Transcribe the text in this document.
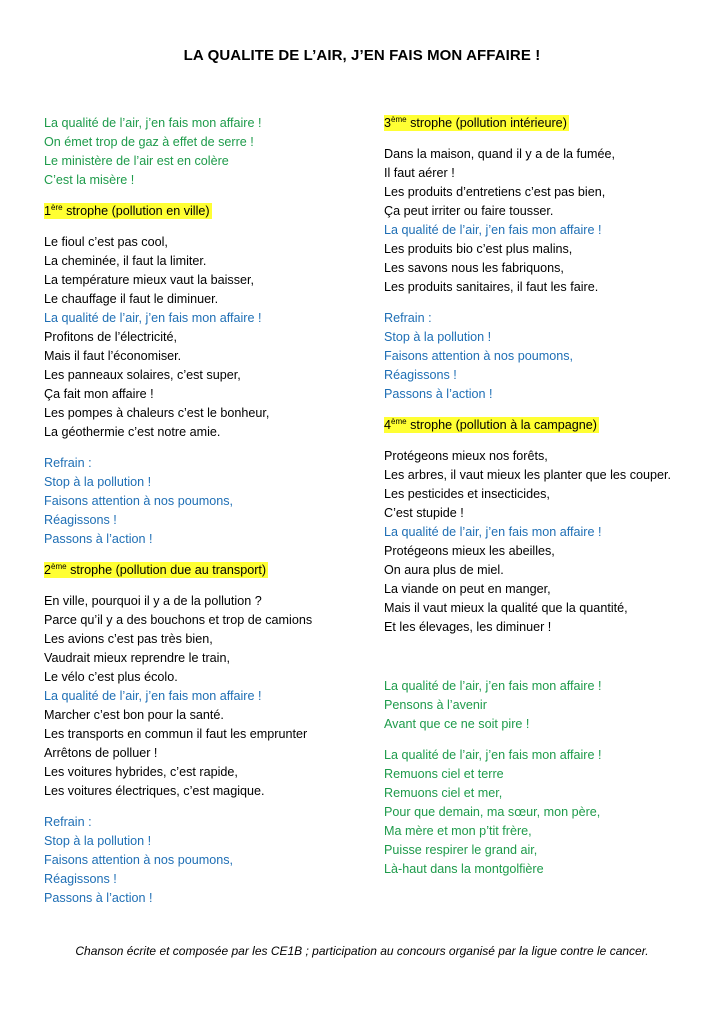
LA QUALITE DE L’AIR, J’EN FAIS MON AFFAIRE !
La qualité de l’air, j’en fais mon affaire !
On émet trop de gaz à effet de serre !
Le ministère de l’air est en colère
C’est la misère !
1ère strophe (pollution en ville)
Le fioul c’est pas cool,
La cheminée, il faut la limiter.
La température mieux vaut la baisser,
Le chauffage il faut le diminuer.
La qualité de l’air, j’en fais mon affaire !
Profitons de l’électricité,
Mais il faut l’économiser.
Les panneaux solaires, c’est super,
Ça fait mon affaire !
Les pompes à chaleurs c’est le bonheur,
La géothermie c’est notre amie.
Refrain :
Stop à la pollution !
Faisons attention à nos poumons,
Réagissons !
Passons à l’action !
2ème strophe (pollution due au transport)
En ville, pourquoi il y a de la pollution ?
Parce qu’il y a des bouchons et trop de camions
Les avions c’est pas très bien,
Vaudrait mieux reprendre le train,
Le vélo c’est plus écolo.
La qualité de l’air, j’en fais mon affaire !
Marcher c’est bon pour la santé.
Les transports en commun il faut les emprunter
Arrêtons de polluer !
Les voitures hybrides, c’est rapide,
Les voitures électriques, c’est magique.
Refrain :
Stop à la pollution !
Faisons attention à nos poumons,
Réagissons !
Passons à l’action !
3ème strophe (pollution intérieure)
Dans la maison, quand il y a de la fumée,
Il faut aérer !
Les produits d’entretiens c’est pas bien,
Ça peut irriter ou faire tousser.
La qualité de l’air, j’en fais mon affaire !
Les produits bio c’est plus malins,
Les savons nous les fabriquons,
Les produits sanitaires, il faut les faire.
Refrain :
Stop à la pollution !
Faisons attention à nos poumons,
Réagissons !
Passons à l’action !
4ème strophe (pollution à la campagne)
Protégeons mieux nos forêts,
Les arbres, il vaut mieux les planter que les couper.
Les pesticides et insecticides,
C’est stupide !
La qualité de l’air, j’en fais mon affaire !
Protégeons mieux les abeilles,
On aura plus de miel.
La viande on peut en manger,
Mais il vaut mieux la qualité que la quantité,
Et les élevages, les diminuer !
La qualité de l’air, j’en fais mon affaire !
Pensons à l’avenir
Avant que ce ne soit pire !
La qualité de l’air, j’en fais mon affaire !
Remuons ciel et terre
Remuons ciel et mer,
Pour que demain, ma sœur, mon père,
Ma mère et mon p’tit frère,
Puisse respirer le grand air,
Là-haut dans la montgolfière
Chanson écrite et composée par les CE1B ; participation au concours organisé par la ligue contre le cancer.
